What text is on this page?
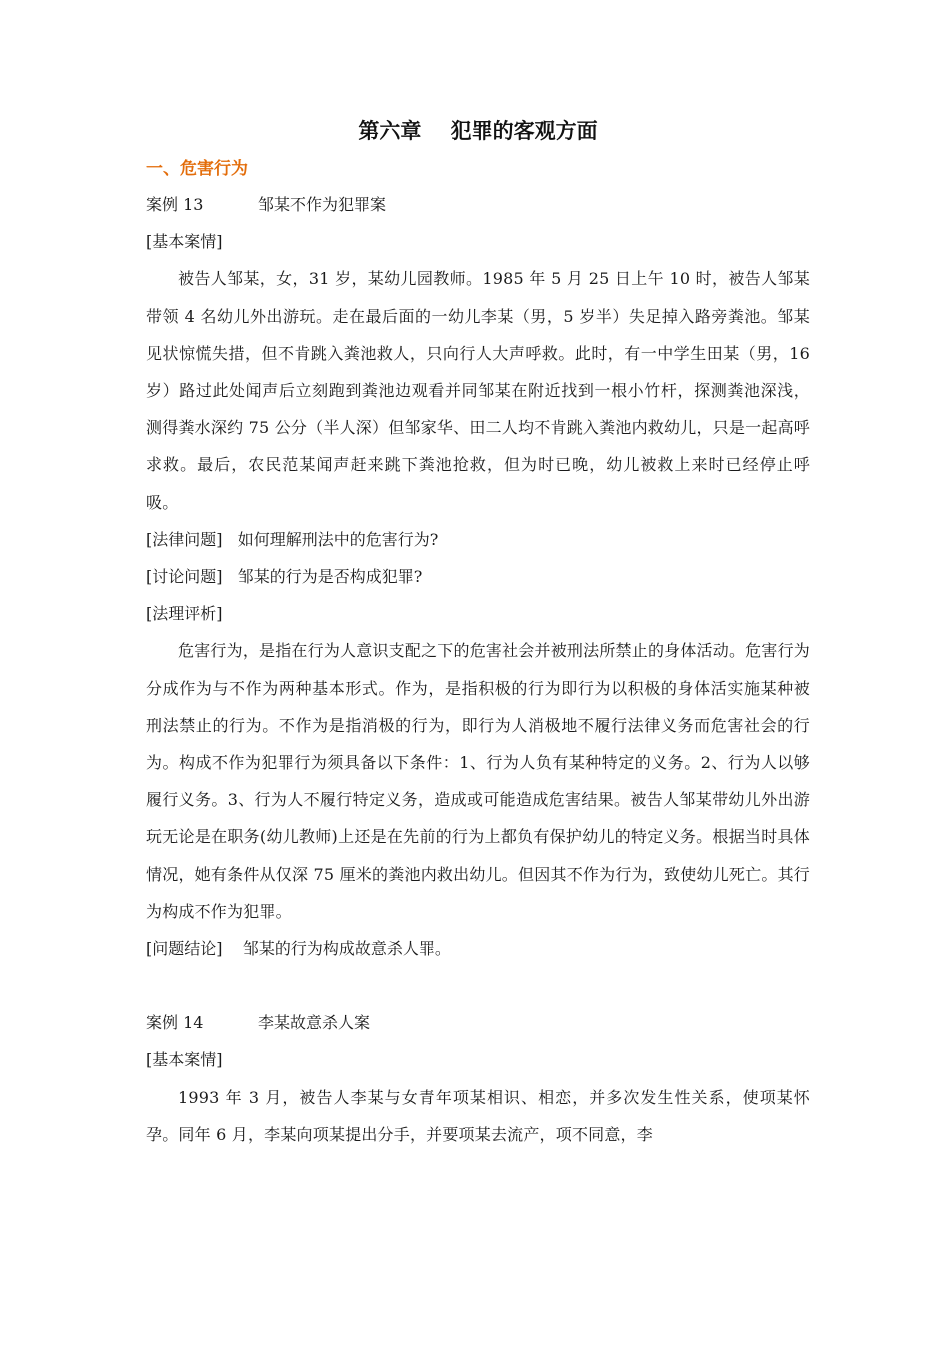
第六章    犯罪的客观方面
一、危害行为

案例 13	邹某不作为犯罪案

[基本案情]

被告人邹某，女，31 岁，某幼儿园教师。1985 年 5 月 25 日上午 10 时，被告人邹某带领 4 名幼儿外出游玩。走在最后面的一幼儿李某（男，5 岁半）失足掉入路旁粪池。邹某见状惊慌失措，但不肯跳入粪池救人，只向行人大声呼救。此时，有一中学生田某（男，16 岁）路过此处闻声后立刻跑到粪池边观看并同邹某在附近找到一根小竹杆，探测粪池深浅，测得粪水深约 75 公分（半人深）但邹家华、田二人均不肯跳入粪池内救幼儿，只是一起高呼求救。最后，农民范某闻声赶来跳下粪池抢救，但为时已晚，幼儿被救上来时已经停止呼吸。

[法律问题]   如何理解刑法中的危害行为?

[讨论问题]   邹某的行为是否构成犯罪?

[法理评析]

危害行为，是指在行为人意识支配之下的危害社会并被刑法所禁止的身体活动。危害行为分成作为与不作为两种基本形式。作为，是指积极的行为即行为以积极的身体活实施某种被刑法禁止的行为。不作为是指消极的行为，即行为人消极地不履行法律义务而危害社会的行为。构成不作为犯罪行为须具备以下条件：1、行为人负有某种特定的义务。2、行为人以够履行义务。3、行为人不履行特定义务，造成或可能造成危害结果。被告人邹某带幼儿外出游玩无论是在职务(幼儿教师)上还是在先前的行为上都负有保护幼儿的特定义务。根据当时具体情况，她有条件从仅深 75 厘米的粪池内救出幼儿。但因其不作为行为，致使幼儿死亡。其行为构成不作为犯罪。

[问题结论]    邹某的行为构成故意杀人罪。

案例 14	李某故意杀人案

[基本案情]

1993 年 3 月，被告人李某与女青年项某相识、相恋，并多次发生性关系，使项某怀孕。同年 6 月，李某向项某提出分手，并要项某去流产，项不同意，李
